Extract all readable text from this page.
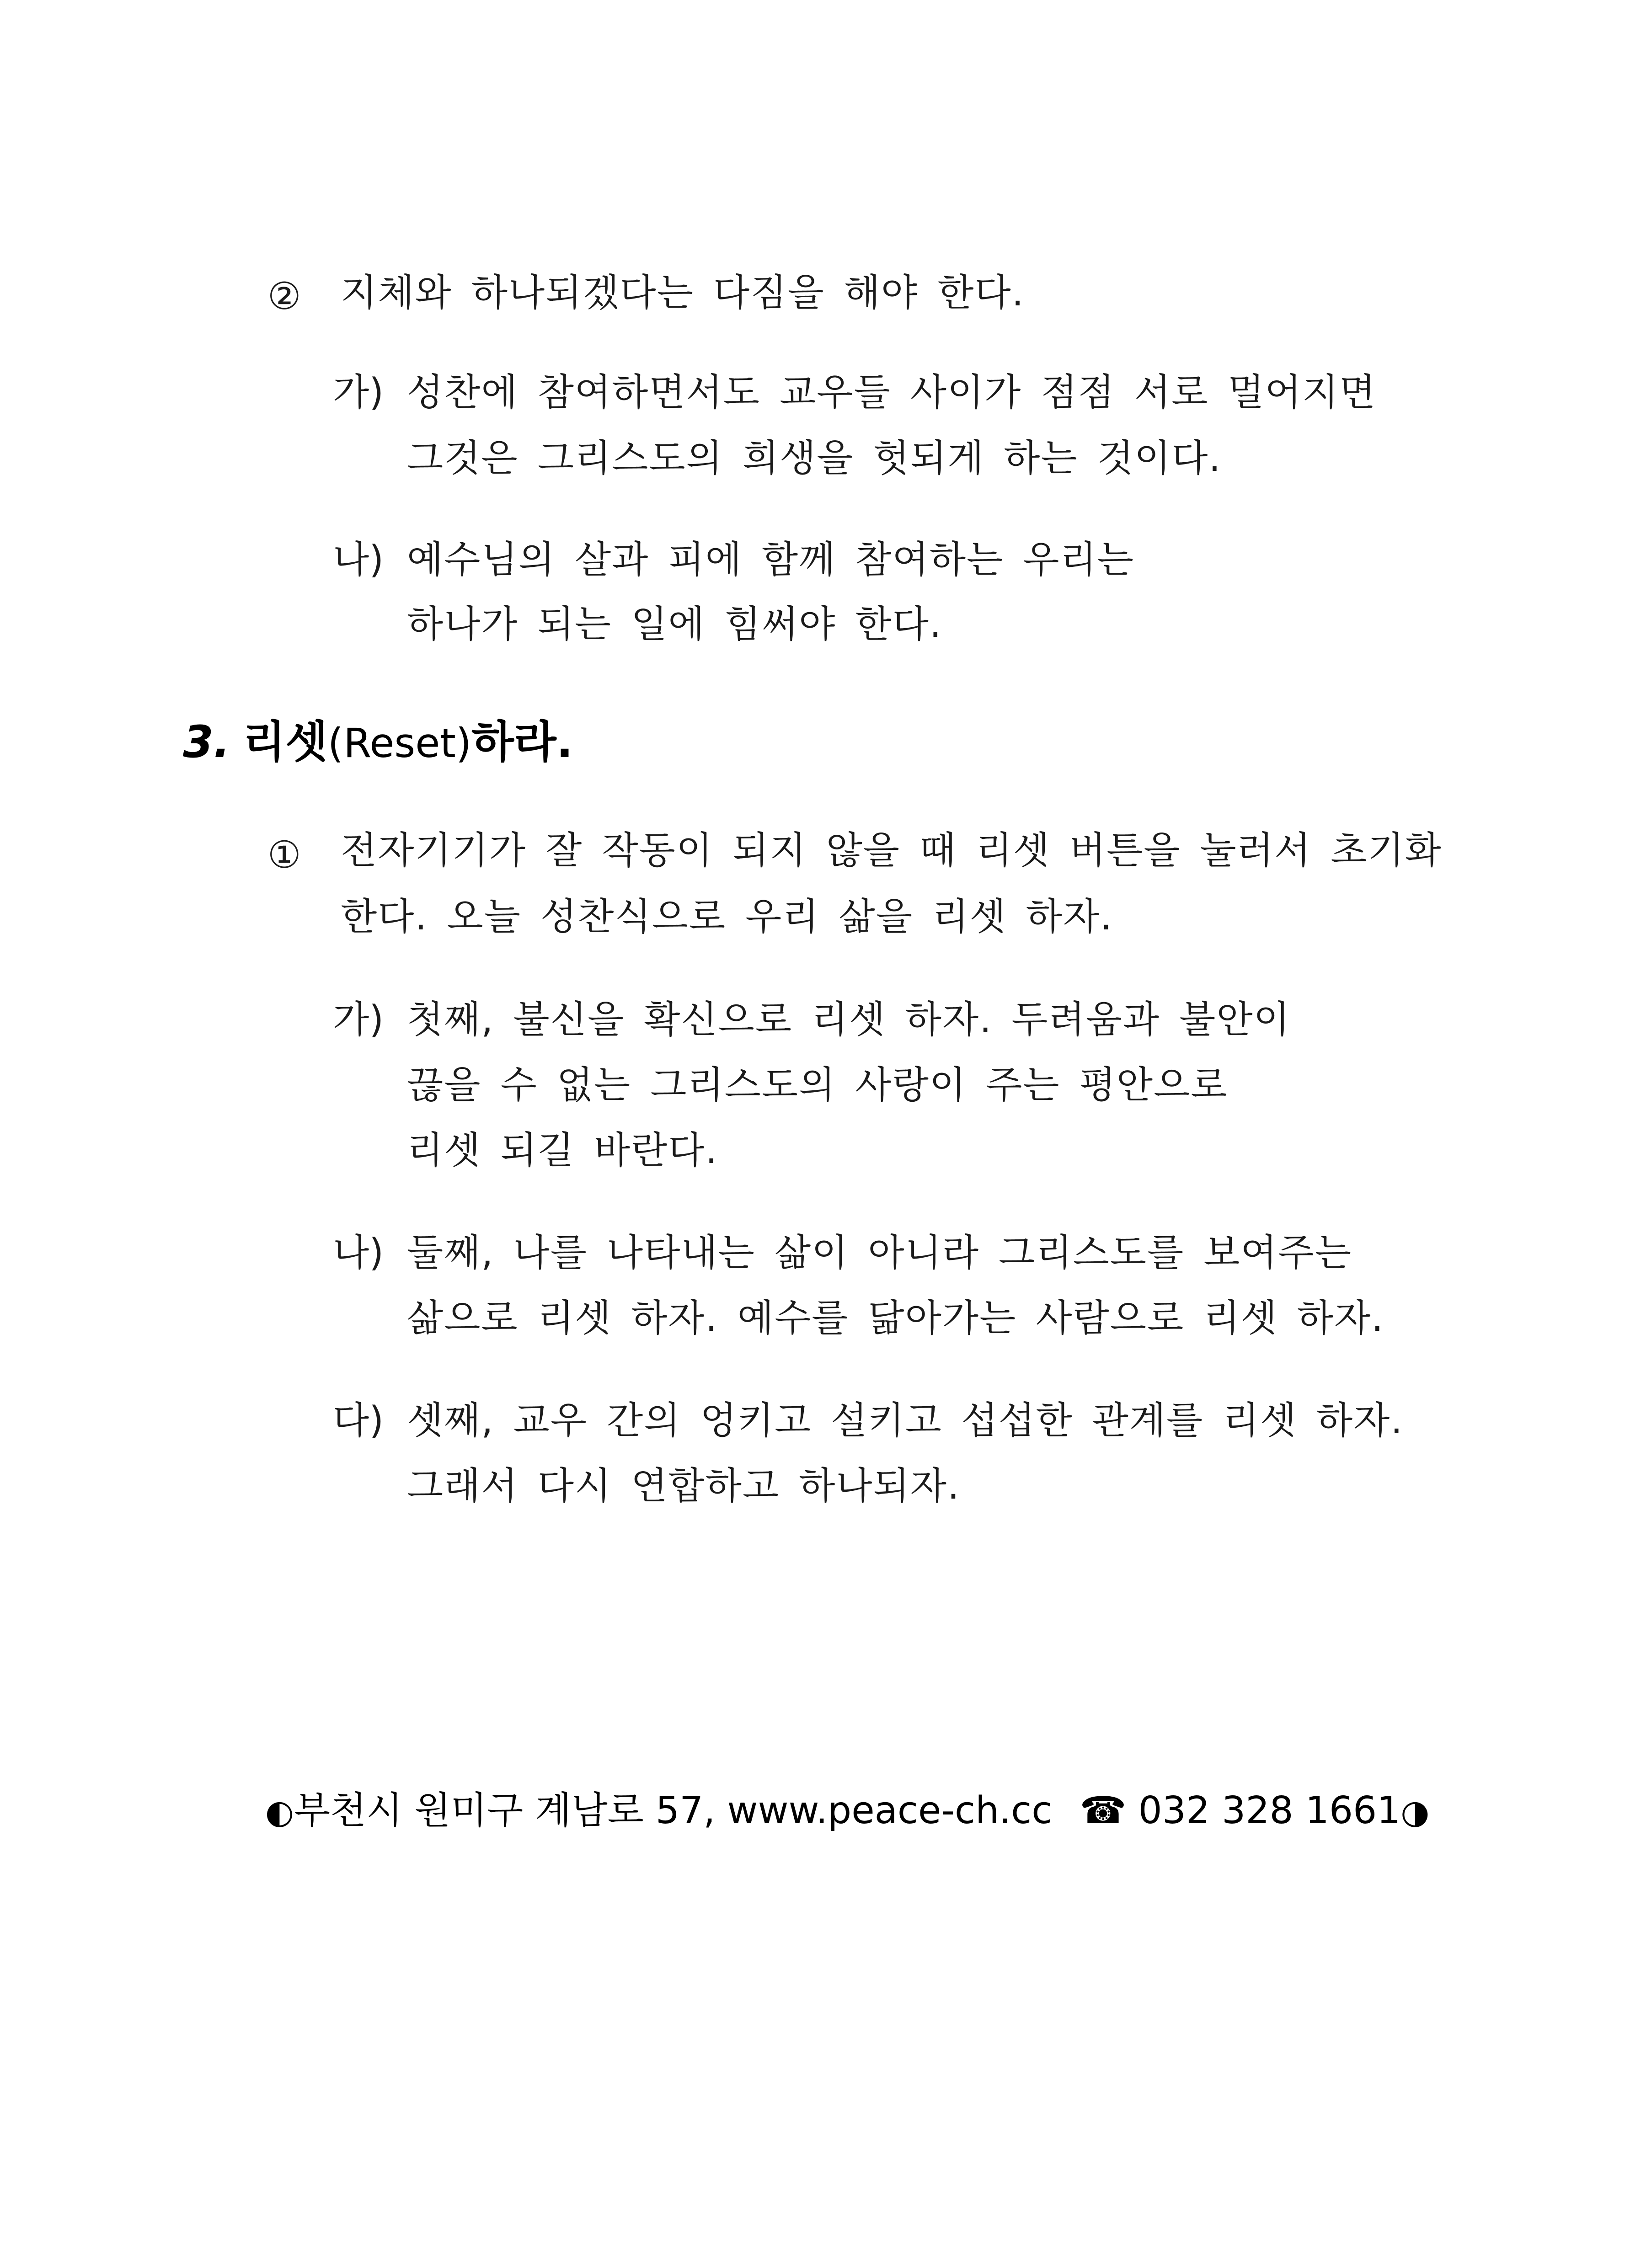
② 지체와 하나되겠다는 다짐을 해야 한다.
가) 성찬에 참여하면서도 교우들 사이가 점점 서로 멀어지면
그것은 그리스도의 희생을 헛되게 하는 것이다.
나) 예수님의 살과 피에 함께 참여하는 우리는
하나가 되는 일에 힘써야 한다.
3. 리셋(Reset)하라.
① 전자기기가 잘 작동이 되지 않을 때 리셋 버튼을 눌러서 초기화
한다. 오늘 성찬식으로 우리 삶을 리셋 하자.
가) 첫째, 불신을 확신으로 리셋 하자. 두려움과 불안이
끊을 수 없는 그리스도의 사랑이 주는 평안으로
리셋 되길 바란다.
나) 둘째, 나를 나타내는 삶이 아니라 그리스도를 보여주는
삶으로 리셋 하자. 예수를 닮아가는 사람으로 리셋 하자.
다) 셋째, 교우 간의 엉키고 설키고 섭섭한 관계를 리셋 하자.
그래서 다시 연합하고 하나되자.
◐부천시 원미구 계남로 57, www.peace-ch.cc ☎ 032 328 1661◑
